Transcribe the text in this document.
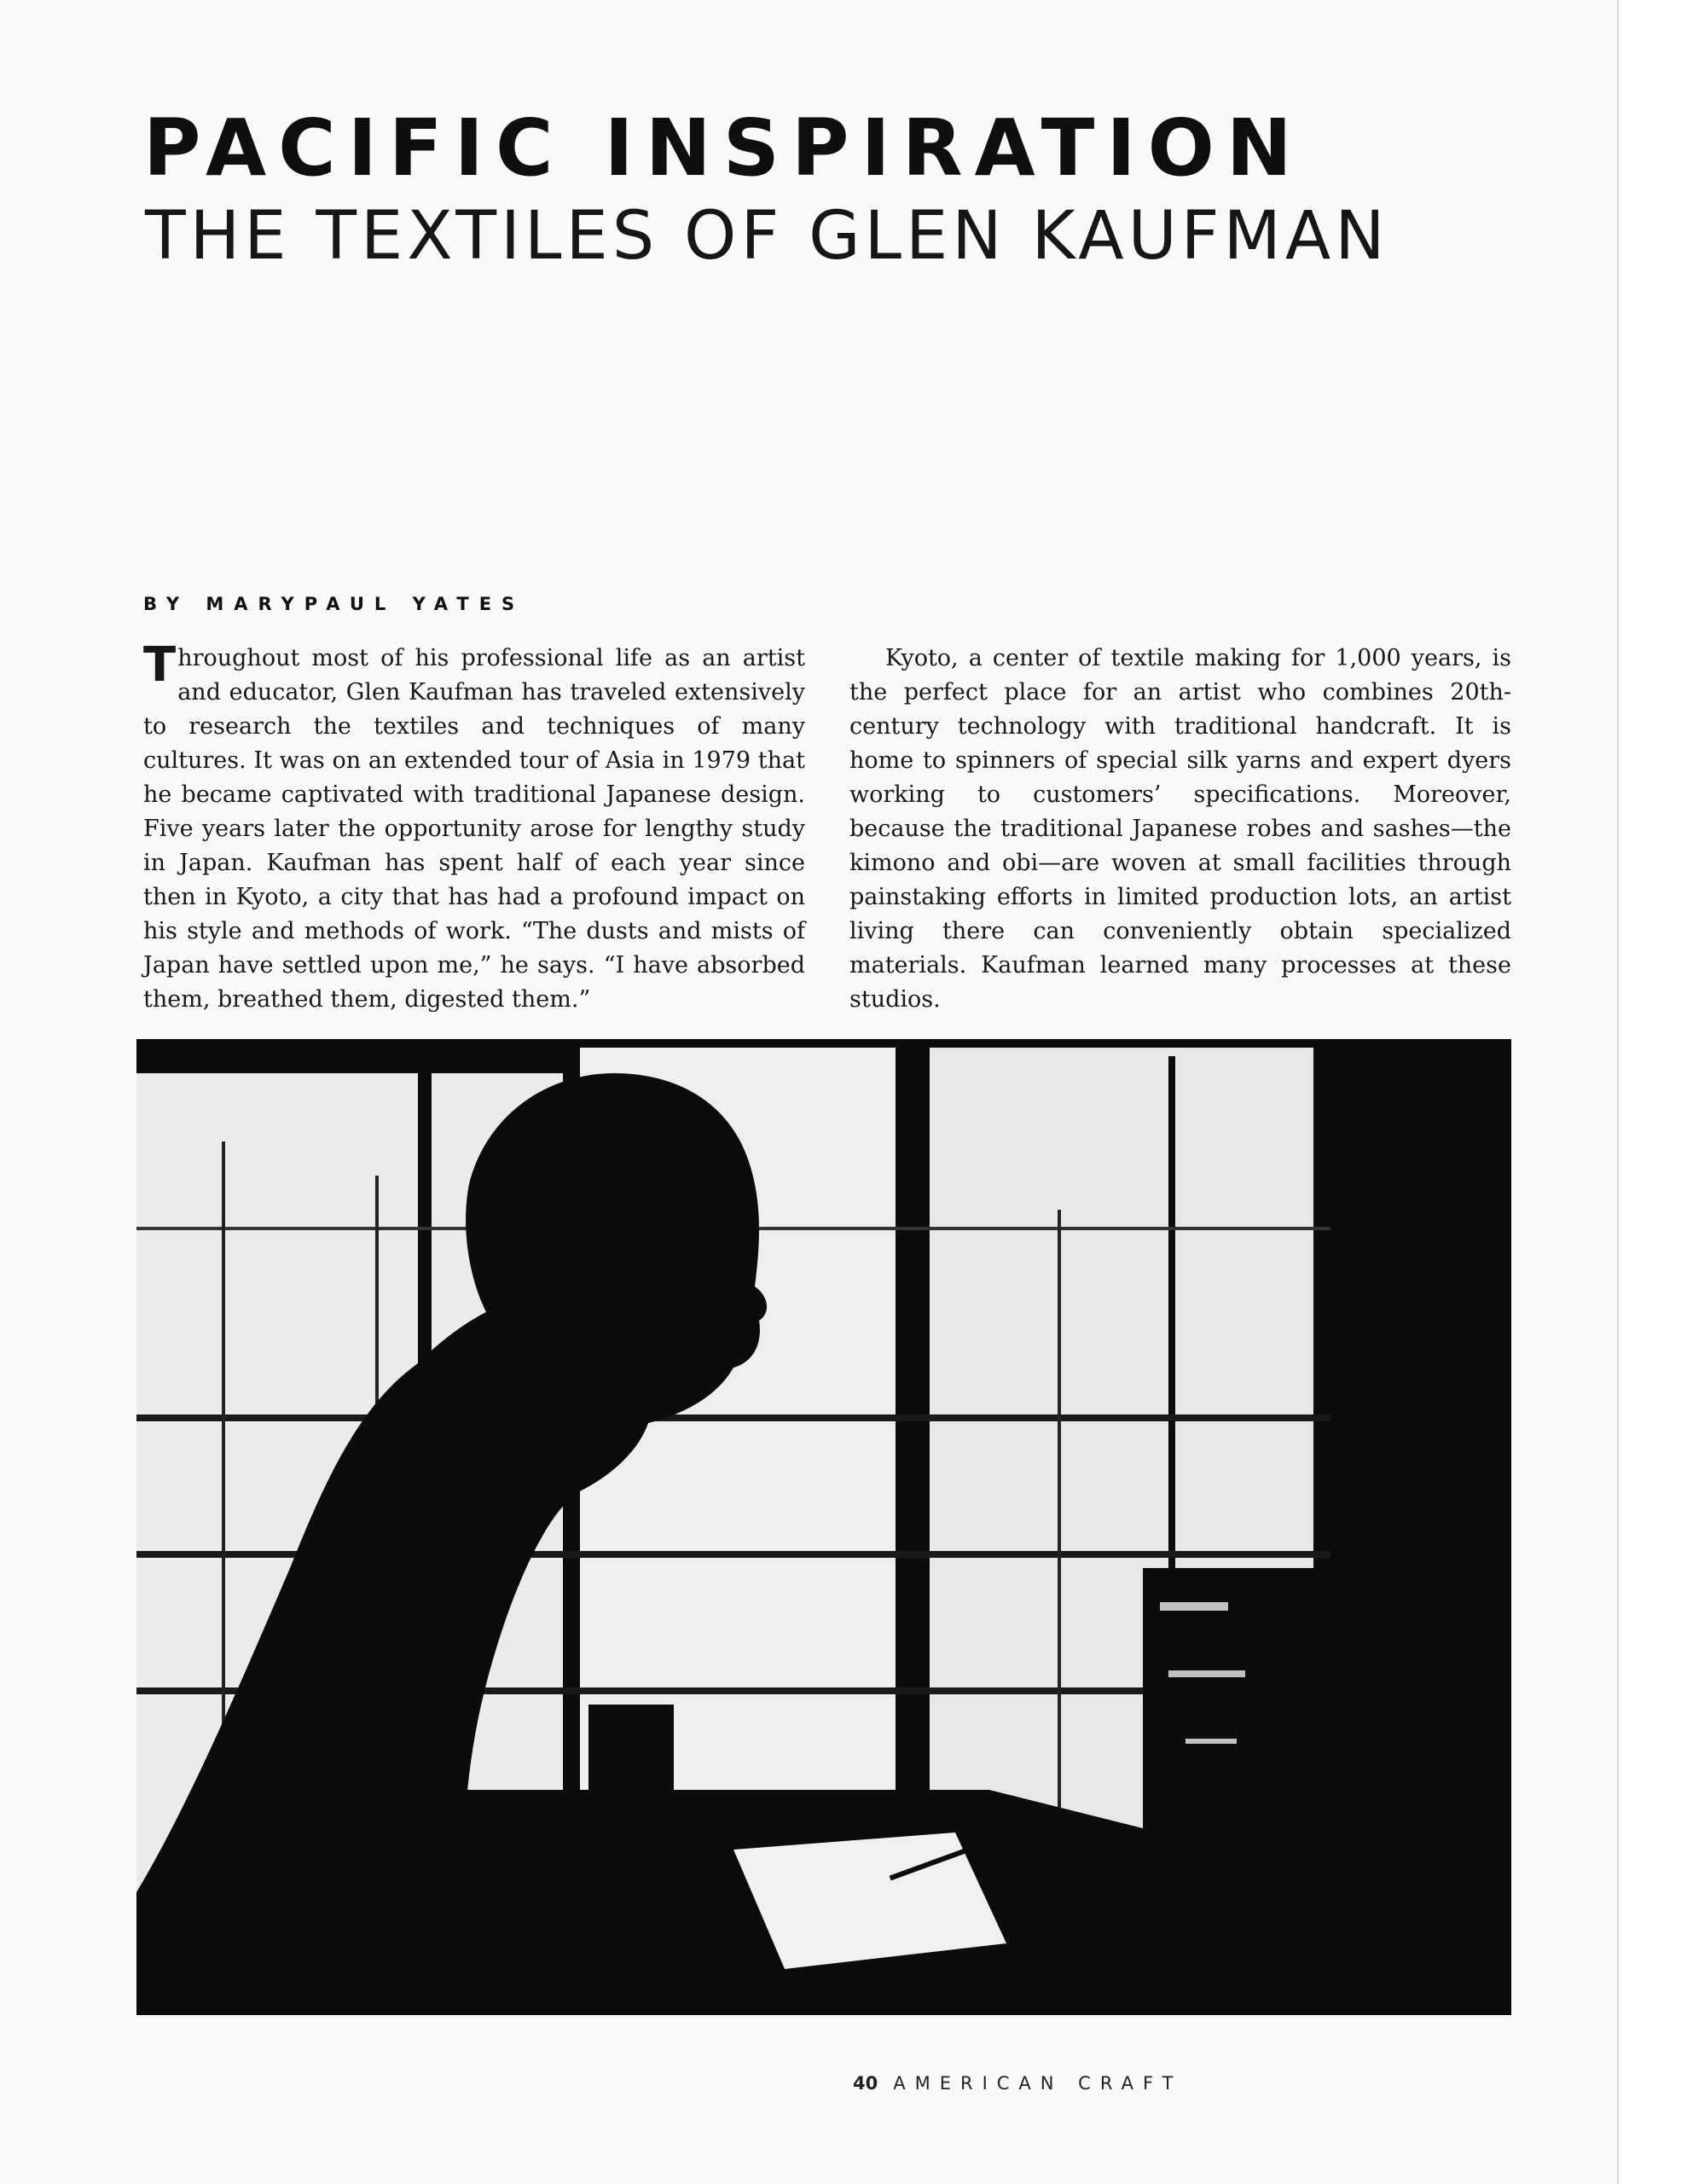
PACIFIC INSPIRATION
THE TEXTILES OF GLEN KAUFMAN
BY MARYPAUL YATES

Throughout most of his professional life as an artist and educator, Glen Kaufman has traveled extensively to research the textiles and techniques of many cultures. It was on an extended tour of Asia in 1979 that he became captivated with traditional Japanese design. Five years later the opportunity arose for lengthy study in Japan. Kaufman has spent half of each year since then in Kyoto, a city that has had a profound impact on his style and methods of work. “The dusts and mists of Japan have settled upon me,” he says. “I have absorbed them, breathed them, digested them.”

Kyoto, a center of textile making for 1,000 years, is the perfect place for an artist who combines 20th-century technology with traditional handcraft. It is home to spinners of special silk yarns and expert dyers working to customers’ specifications. Moreover, because the traditional Japanese robes and sashes—the kimono and obi—are woven at small facilities through painstaking efforts in limited production lots, an artist living there can conveniently obtain specialized materials. Kaufman learned many processes at these studios.

40 AMERICAN CRAFT
